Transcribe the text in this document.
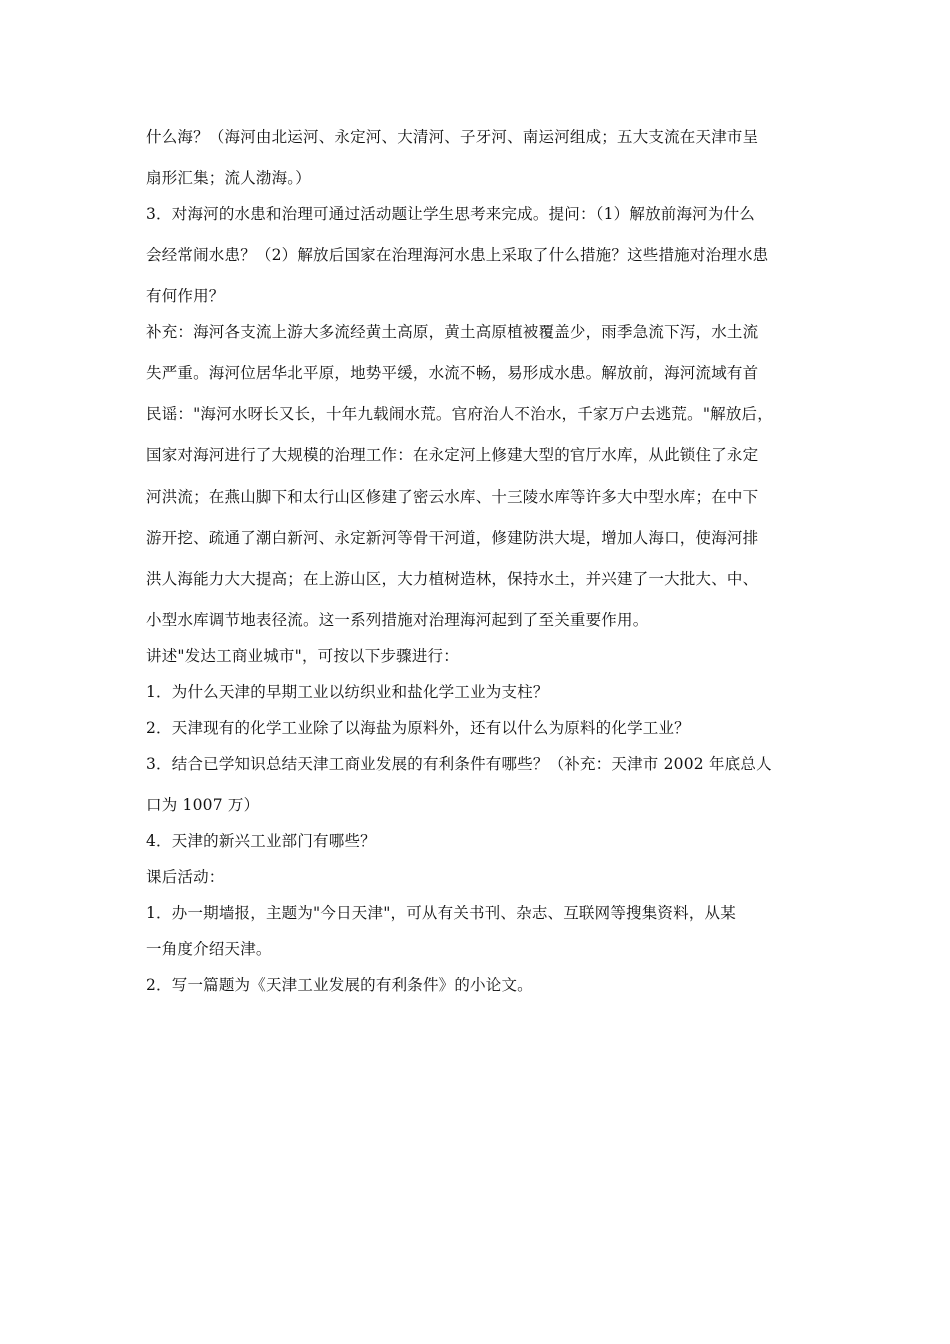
什么海？（海河由北运河、永定河、大清河、子牙河、南运河组成；五大支流在天津市呈
扇形汇集；流人渤海。）
3．对海河的水患和治理可通过活动题让学生思考来完成。提问：（1）解放前海河为什么
会经常闹水患？（2）解放后国家在治理海河水患上采取了什么措施？这些措施对治理水患
有何作用？
补充：海河各支流上游大多流经黄土高原，黄土高原植被覆盖少，雨季急流下泻，水土流
失严重。海河位居华北平原，地势平缓，水流不畅，易形成水患。解放前，海河流域有首
民谣："海河水呀长又长，十年九载闹水荒。官府治人不治水，千家万户去逃荒。"解放后，
国家对海河进行了大规模的治理工作：在永定河上修建大型的官厅水库，从此锁住了永定
河洪流；在燕山脚下和太行山区修建了密云水库、十三陵水库等许多大中型水库；在中下
游开挖、疏通了潮白新河、永定新河等骨干河道，修建防洪大堤，增加人海口，使海河排
洪人海能力大大提高；在上游山区，大力植树造林，保持水土，并兴建了一大批大、中、
小型水库调节地表径流。这一系列措施对治理海河起到了至关重要作用。
讲述"发达工商业城市"，可按以下步骤进行：
1．为什么天津的早期工业以纺织业和盐化学工业为支柱？
2．天津现有的化学工业除了以海盐为原料外，还有以什么为原料的化学工业？
3．结合已学知识总结天津工商业发展的有利条件有哪些？（补充：天津市 2002 年底总人
口为 1007 万）
4．天津的新兴工业部门有哪些？
课后活动：
1．办一期墙报，主题为"今日天津"，可从有关书刊、杂志、互联网等搜集资料，从某
一角度介绍天津。
2．写一篇题为《天津工业发展的有利条件》的小论文。
